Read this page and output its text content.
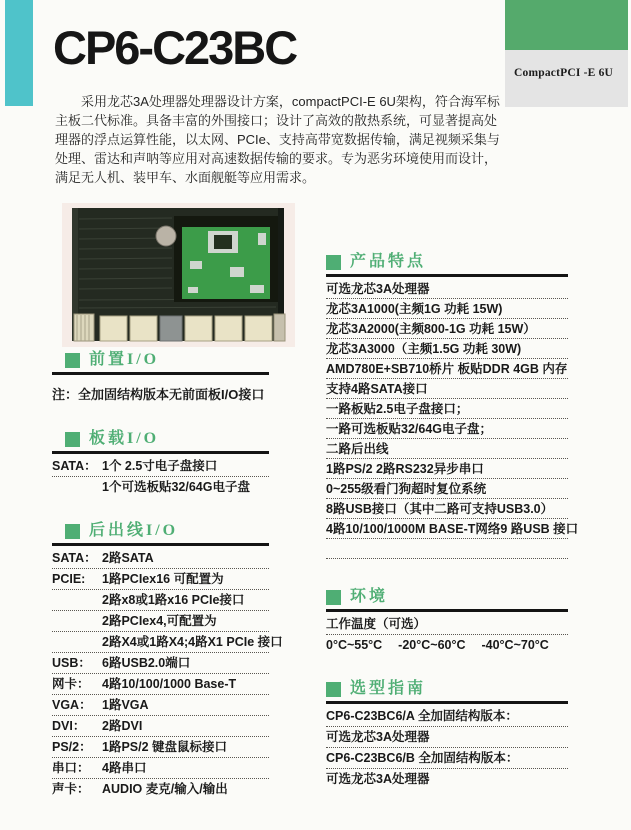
CompactPCI -E 6U
CP6-C23BC

采用龙芯3A处理器处理器设计方案，compactPCI-E 6U架构，符合海军标主板二代标准。具备丰富的外围接口；设计了高效的散热系统，可显著提高处理器的浮点运算性能，以太网、PCIe、支持高带宽数据传输，满足视频采集与处理、雷达和声呐等应用对高速数据传输的要求。专为恶劣环境使用而设计，满足无人机、装甲车、水面舰艇等应用需求。

前置I/O
注：全加固结构版本无前面板I/O接口
板载I/O
SATA： 1个 2.5寸电子盘接口
1个可选板贴32/64G电子盘
后出线I/O
SATA： 2路SATA
PCIE:	1路PCIex16 可配置为
2路x8或1路x16 PCIe接口
2路PCIex4,可配置为
2路X4或1路X4;4路X1 PCIe 接口
USB： 6路USB2.0端口
网卡： 4路10/100/1000 Base-T
VGA： 1路VGA
DVI：	2路DVI
PS/2： 1路PS/2 键盘鼠标接口
串口： 4路串口
声卡： AUDIO 麦克/输入/输出
产品特点
可选龙芯3A处理器
龙芯3A1000(主频1G 功耗 15W)
龙芯3A2000(主频800-1G 功耗 15W）
龙芯3A3000（主频1.5G 功耗 30W)
AMD780E+SB710桥片 板贴DDR 4GB 内存
支持4路SATA接口
一路板贴2.5电子盘接口；
一路可选板贴32/64G电子盘；
二路后出线
1路PS/2 2路RS232异步串口
0~255级看门狗超时复位系统
8路USB接口（其中二路可支持USB3.0）
4路10/100/1000M BASE-T网络9 路USB 接口
环境
工作温度（可选）
0°C~55°C　 -20°C~60°C　 -40°C~70°C
选型指南
CP6-C23BC6/A 全加固结构版本：
可选龙芯3A处理器
CP6-C23BC6/B 全加固结构版本：
可选龙芯3A处理器
